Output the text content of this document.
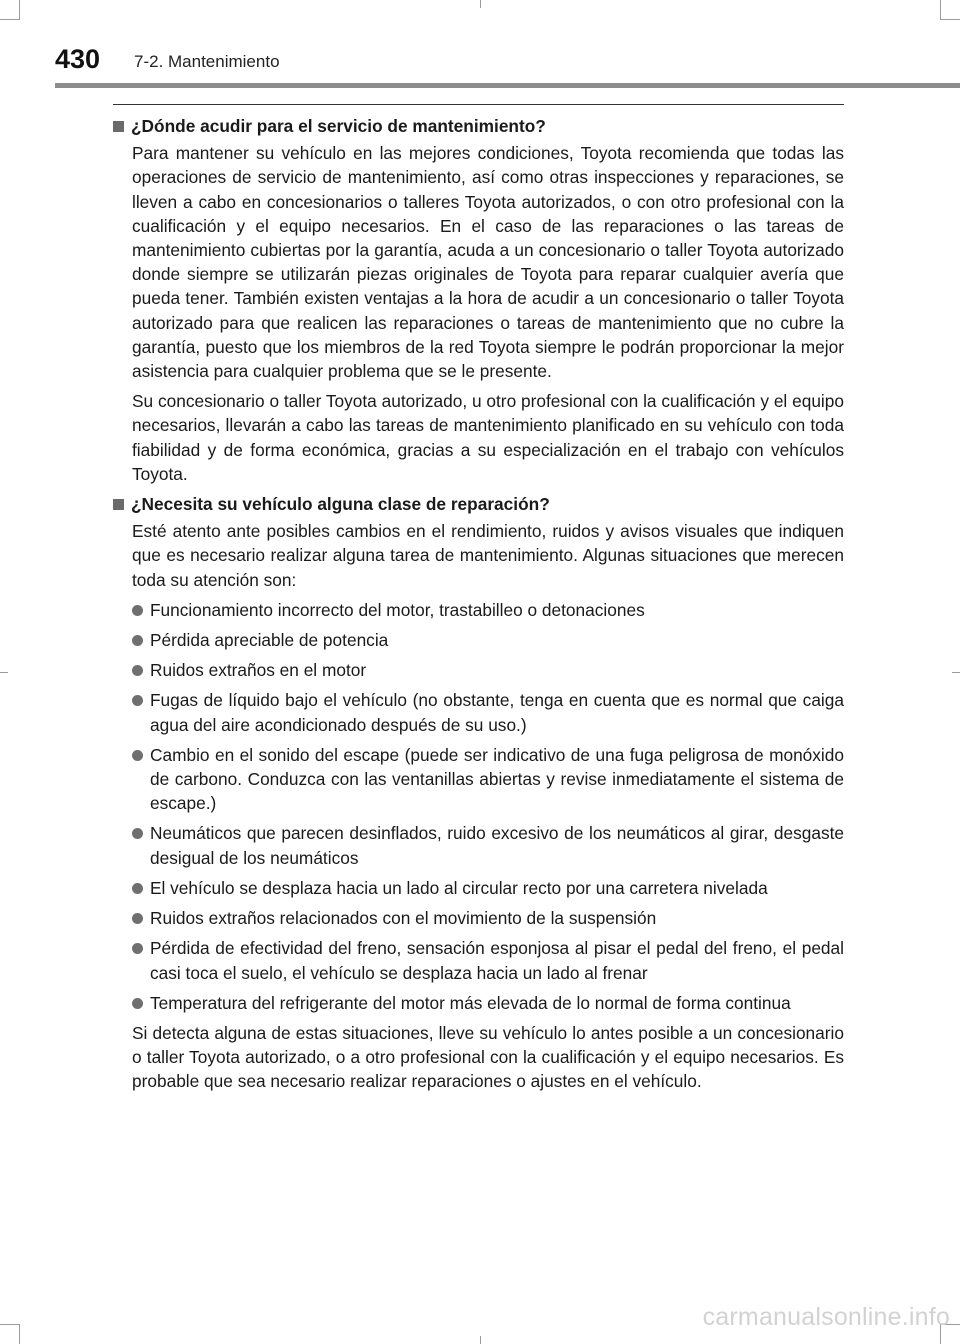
430 7-2. Mantenimiento
¿Dónde acudir para el servicio de mantenimiento?

Para mantener su vehículo en las mejores condiciones, Toyota recomienda que todas las operaciones de servicio de mantenimiento, así como otras inspecciones y reparaciones, se lleven a cabo en concesionarios o talleres Toyota autorizados, o con otro profesional con la cualificación y el equipo necesarios. En el caso de las reparaciones o las tareas de mantenimiento cubiertas por la garantía, acuda a un concesionario o taller Toyota autorizado donde siempre se utilizarán piezas originales de Toyota para reparar cualquier avería que pueda tener. También existen ventajas a la hora de acudir a un concesionario o taller Toyota autorizado para que realicen las reparaciones o tareas de mantenimiento que no cubre la garantía, puesto que los miembros de la red Toyota siempre le podrán proporcionar la mejor asistencia para cualquier problema que se le presente.

Su concesionario o taller Toyota autorizado, u otro profesional con la cualificación y el equipo necesarios, llevarán a cabo las tareas de mantenimiento planificado en su vehículo con toda fiabilidad y de forma económica, gracias a su especialización en el trabajo con vehículos Toyota.

¿Necesita su vehículo alguna clase de reparación?

Esté atento ante posibles cambios en el rendimiento, ruidos y avisos visuales que indiquen que es necesario realizar alguna tarea de mantenimiento. Algunas situaciones que merecen toda su atención son:

Funcionamiento incorrecto del motor, trastabilleo o detonaciones
Pérdida apreciable de potencia
Ruidos extraños en el motor
Fugas de líquido bajo el vehículo (no obstante, tenga en cuenta que es normal que caiga agua del aire acondicionado después de su uso.)
Cambio en el sonido del escape (puede ser indicativo de una fuga peligrosa de monóxido de carbono. Conduzca con las ventanillas abiertas y revise inmediatamente el sistema de escape.)
Neumáticos que parecen desinflados, ruido excesivo de los neumáticos al girar, desgaste desigual de los neumáticos
El vehículo se desplaza hacia un lado al circular recto por una carretera nivelada
Ruidos extraños relacionados con el movimiento de la suspensión
Pérdida de efectividad del freno, sensación esponjosa al pisar el pedal del freno, el pedal casi toca el suelo, el vehículo se desplaza hacia un lado al frenar
Temperatura del refrigerante del motor más elevada de lo normal de forma continua

Si detecta alguna de estas situaciones, lleve su vehículo lo antes posible a un concesionario o taller Toyota autorizado, o a otro profesional con la cualificación y el equipo necesarios. Es probable que sea necesario realizar reparaciones o ajustes en el vehículo.

carmanualsonline.info
